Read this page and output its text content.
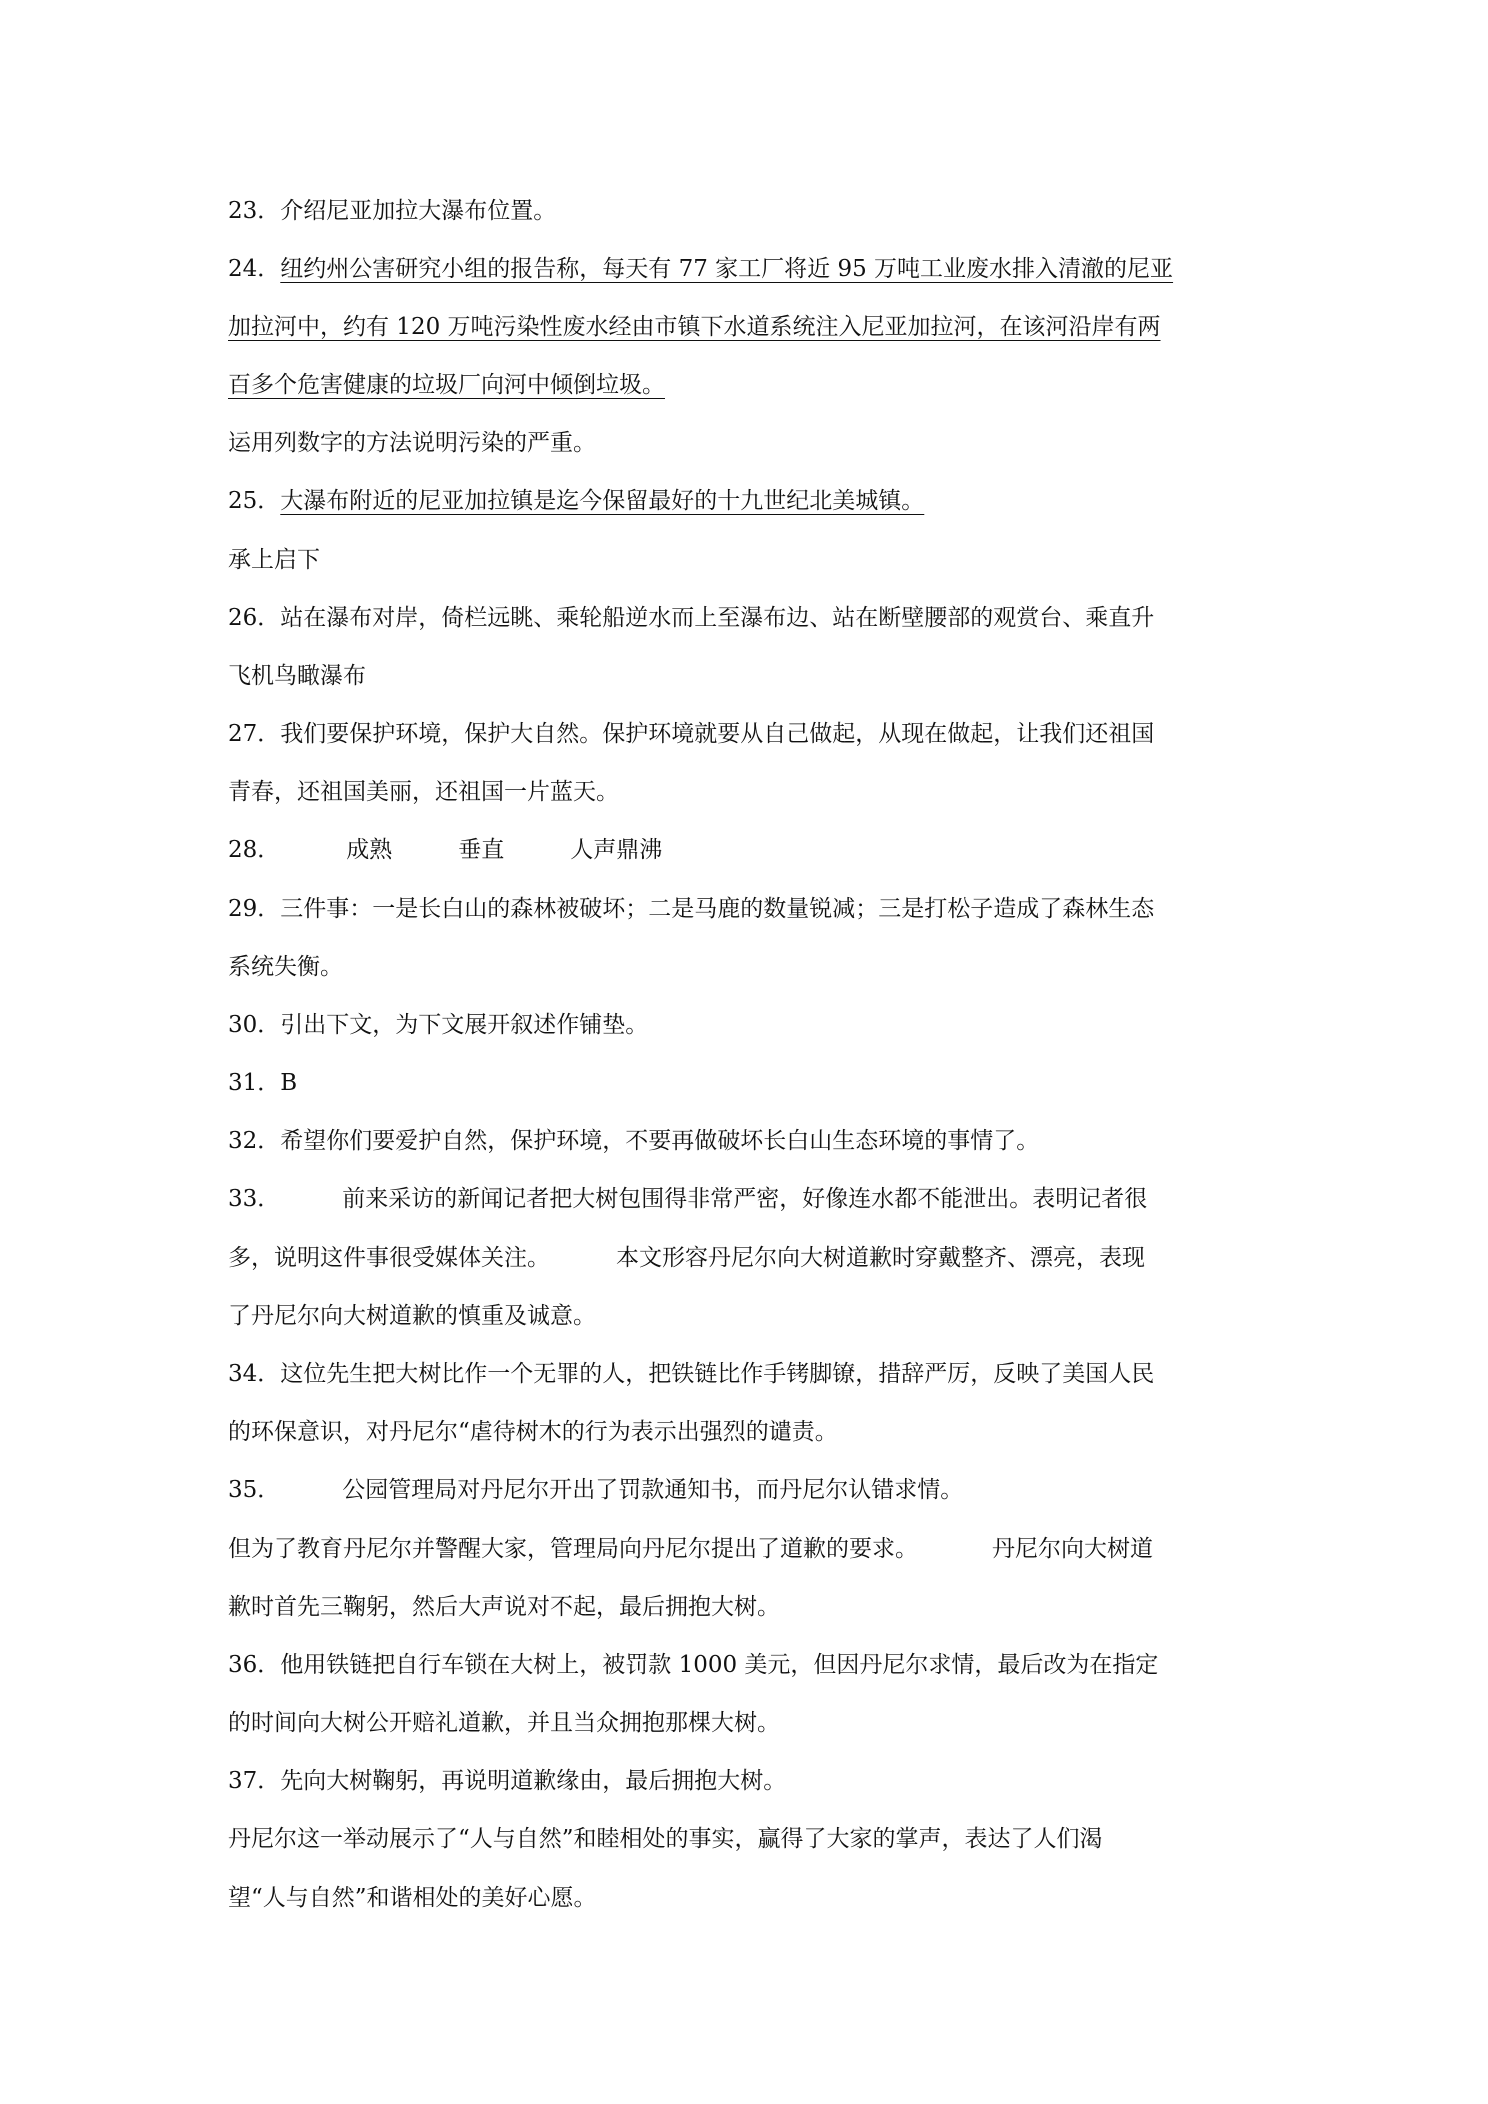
23．介绍尼亚加拉大瀑布位置。
24．纽约州公害研究小组的报告称，每天有 77 家工厂将近 95 万吨工业废水排入清澈的尼亚
加拉河中，约有 120 万吨污染性废水经由市镇下水道系统注入尼亚加拉河，在该河沿岸有两
百多个危害健康的垃圾厂向河中倾倒垃圾。
运用列数字的方法说明污染的严重。
25．大瀑布附近的尼亚加拉镇是迄今保留最好的十九世纪北美城镇。
承上启下
26．站在瀑布对岸，倚栏远眺、乘轮船逆水而上至瀑布边、站在断壁腰部的观赏台、乘直升
飞机鸟瞰瀑布
27．我们要保护环境，保护大自然。保护环境就要从自己做起，从现在做起，让我们还祖国
青春，还祖国美丽，还祖国一片蓝天。
28．	成熟	垂直	人声鼎沸
29．三件事：一是长白山的森林被破坏；二是马鹿的数量锐减；三是打松子造成了森林生态
系统失衡。
30．引出下文，为下文展开叙述作铺垫。
31．B
32．希望你们要爱护自然，保护环境，不要再做破坏长白山生态环境的事情了。
33．	前来采访的新闻记者把大树包围得非常严密，好像连水都不能泄出。表明记者很
多，说明这件事很受媒体关注。	本文形容丹尼尔向大树道歉时穿戴整齐、漂亮，表现
了丹尼尔向大树道歉的慎重及诚意。
34．这位先生把大树比作一个无罪的人，把铁链比作手铐脚镣，措辞严厉，反映了美国人民
的环保意识，对丹尼尔“虐待树木的行为表示出强烈的谴责。
35．	公园管理局对丹尼尔开出了罚款通知书，而丹尼尔认错求情。
但为了教育丹尼尔并警醒大家，管理局向丹尼尔提出了道歉的要求。	丹尼尔向大树道
歉时首先三鞠躬，然后大声说对不起，最后拥抱大树。
36．他用铁链把自行车锁在大树上，被罚款 1000 美元，但因丹尼尔求情，最后改为在指定
的时间向大树公开赔礼道歉，并且当众拥抱那棵大树。
37．先向大树鞠躬，再说明道歉缘由，最后拥抱大树。
丹尼尔这一举动展示了“人与自然”和睦相处的事实，赢得了大家的掌声，表达了人们渴
望“人与自然”和谐相处的美好心愿。
